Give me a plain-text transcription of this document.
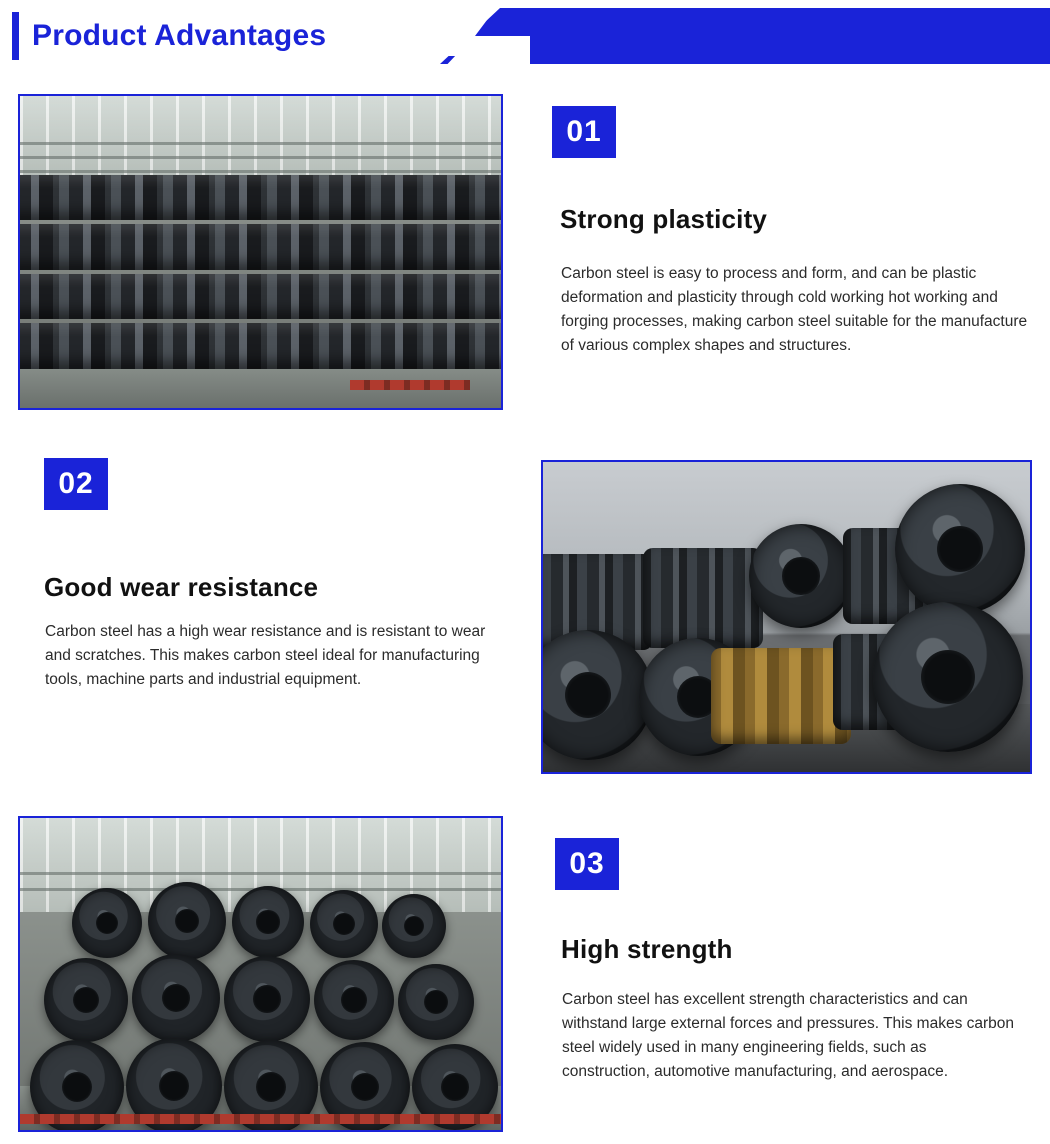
Product Advantages
01
Strong plasticity
Carbon steel is easy to process and form, and can be plastic deformation and plasticity through cold working hot working and forging processes, making carbon steel suitable for the manufacture of various complex shapes and structures.
02
Good wear resistance
Carbon steel has a high wear resistance and is resistant to wear and scratches. This makes carbon steel ideal for manufacturing tools, machine parts and industrial equipment.
03
High strength
Carbon steel has excellent strength characteristics and can withstand large external forces and pressures. This makes carbon steel widely used in many engineering fields, such as construction, automotive manufacturing, and aerospace.
